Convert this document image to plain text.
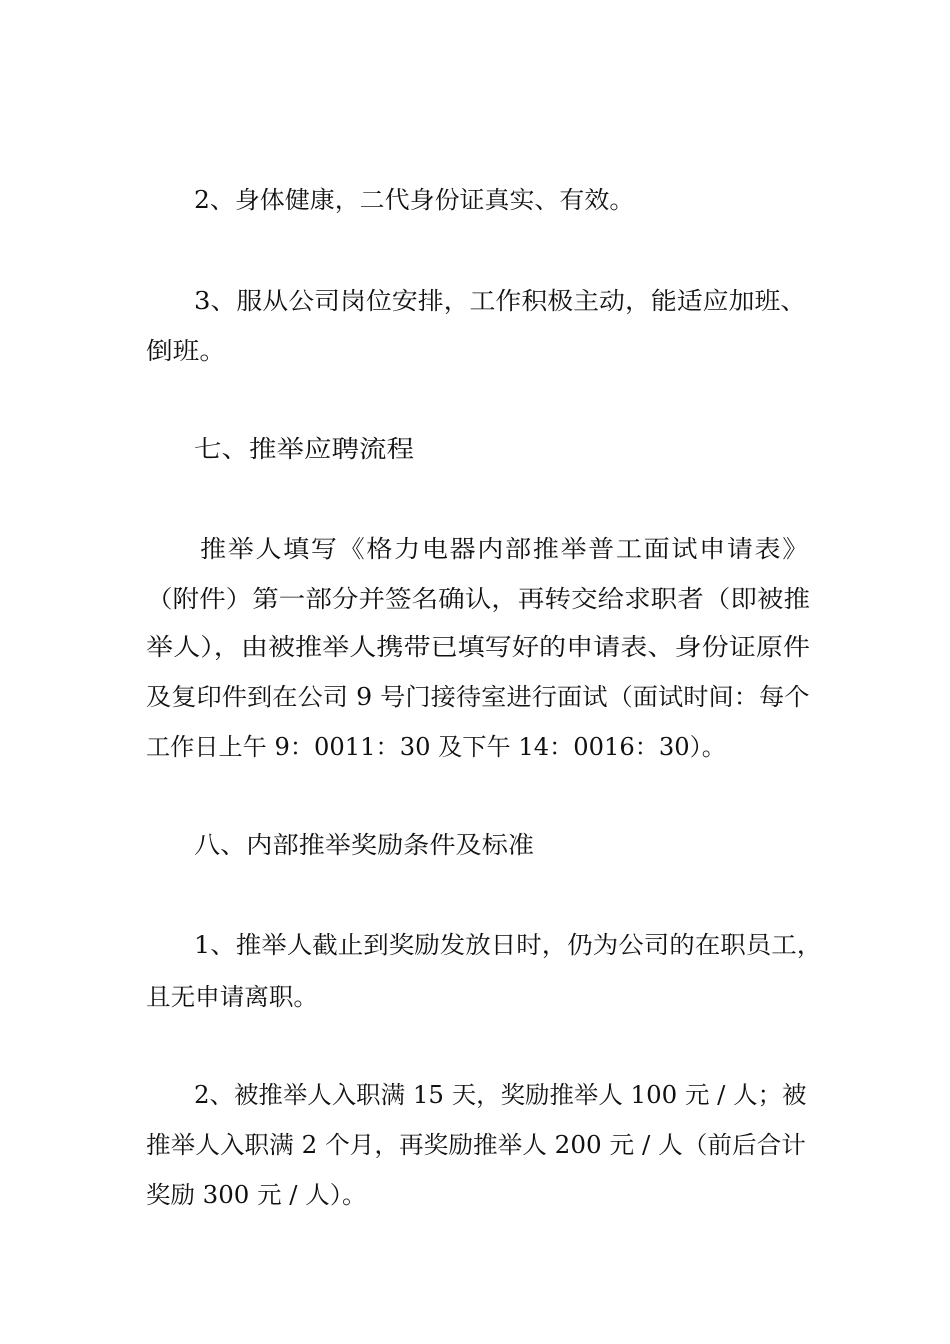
2、身体健康，二代身份证真实、有效。
3、服从公司岗位安排，工作积极主动，能适应加班、
倒班。
七、推举应聘流程
推举人填写《格力电器内部推举普工面试申请表》
（附件）第一部分并签名确认，再转交给求职者（即被推
举人），由被推举人携带已填写好的申请表、身份证原件
及复印件到在公司 9 号门接待室进行面试（面试时间：每个
工作日上午 9：0011：30 及下午 14：0016：30）。
八、内部推举奖励条件及标准
1、推举人截止到奖励发放日时，仍为公司的在职员工，
且无申请离职。
2、被推举人入职满 15 天，奖励推举人 100 元 / 人；被
推举人入职满 2 个月，再奖励推举人 200 元 / 人（前后合计
奖励 300 元 / 人）。
